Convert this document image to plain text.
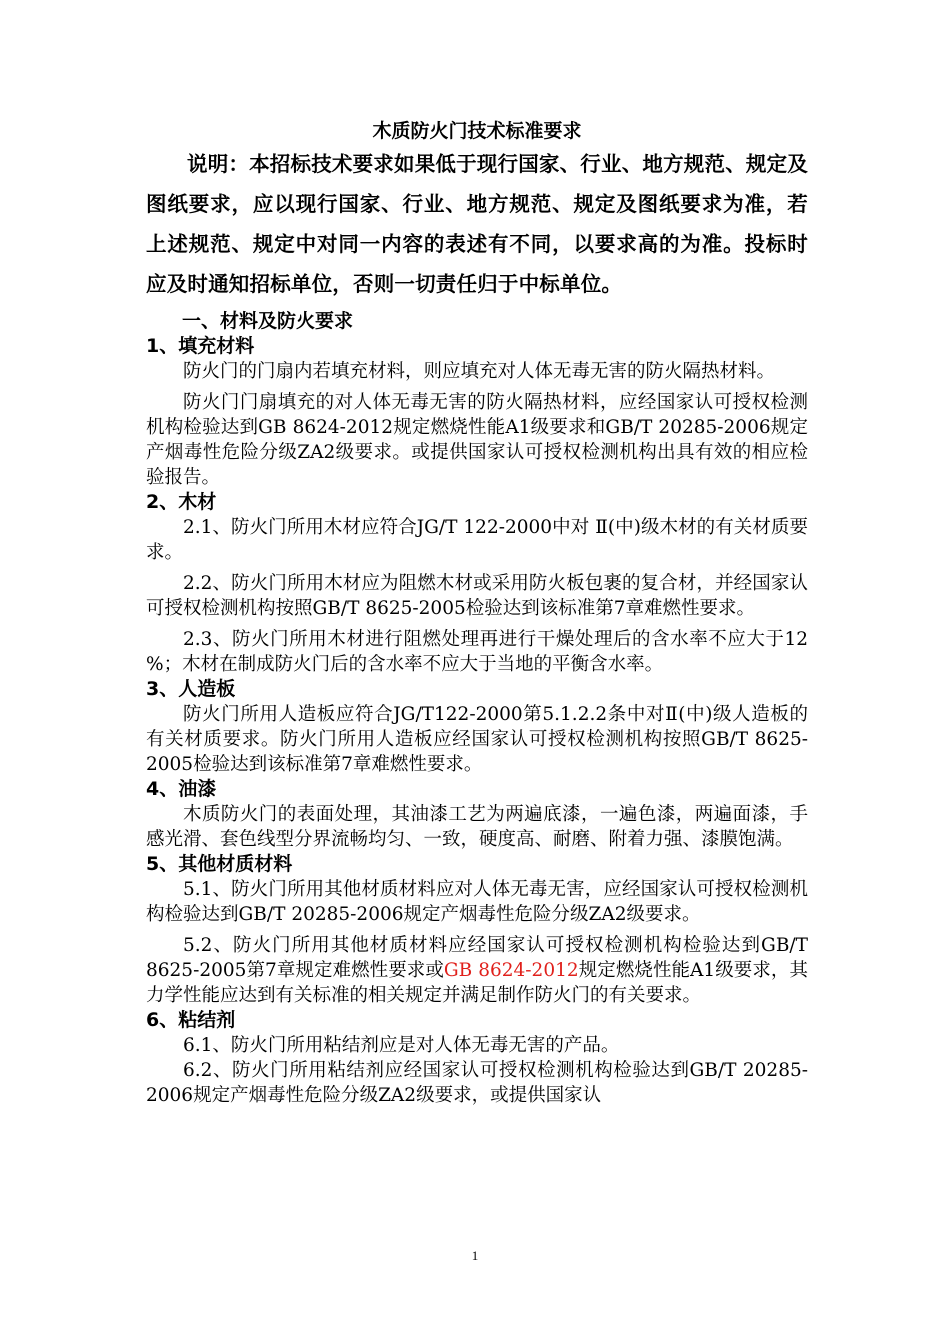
木质防火门技术标准要求

说明：本招标技术要求如果低于现行国家、行业、地方规范、规定及图纸要求，应以现行国家、行业、地方规范、规定及图纸要求为准，若上述规范、规定中对同一内容的表述有不同，以要求高的为准。投标时应及时通知招标单位，否则一切责任归于中标单位。

一、材料及防火要求

1、填充材料

防火门的门扇内若填充材料，则应填充对人体无毒无害的防火隔热材料。

防火门门扇填充的对人体无毒无害的防火隔热材料，应经国家认可授权检测机构检验达到GB 8624-2012规定燃烧性能A1级要求和GB/T 20285-2006规定产烟毒性危险分级ZA2级要求。或提供国家认可授权检测机构出具有效的相应检验报告。

2、木材

2.1、防火门所用木材应符合JG/T 122-2000中对 Ⅱ(中)级木材的有关材质要求。

2.2、防火门所用木材应为阻燃木材或采用防火板包裹的复合材，并经国家认可授权检测机构按照GB/T 8625-2005检验达到该标准第7章难燃性要求。

2.3、防火门所用木材进行阻燃处理再进行干燥处理后的含水率不应大于12 %；木材在制成防火门后的含水率不应大于当地的平衡含水率。

3、人造板

防火门所用人造板应符合JG/T122-2000第5.1.2.2条中对Ⅱ(中)级人造板的有关材质要求。防火门所用人造板应经国家认可授权检测机构按照GB/T 8625-2005检验达到该标准第7章难燃性要求。

4、油漆

木质防火门的表面处理，其油漆工艺为两遍底漆，一遍色漆，两遍面漆，手感光滑、套色线型分界流畅均匀、一致，硬度高、耐磨、附着力强、漆膜饱满。

5、其他材质材料

5.1、防火门所用其他材质材料应对人体无毒无害，应经国家认可授权检测机构检验达到GB/T 20285-2006规定产烟毒性危险分级ZA2级要求。

5.2、防火门所用其他材质材料应经国家认可授权检测机构检验达到GB/T 8625-2005第7章规定难燃性要求或GB 8624-2012规定燃烧性能A1级要求，其力学性能应达到有关标准的相关规定并满足制作防火门的有关要求。

6、粘结剂

6.1、防火门所用粘结剂应是对人体无毒无害的产品。

6.2、防火门所用粘结剂应经国家认可授权检测机构检验达到GB/T 20285-2006规定产烟毒性危险分级ZA2级要求，或提供国家认

1
